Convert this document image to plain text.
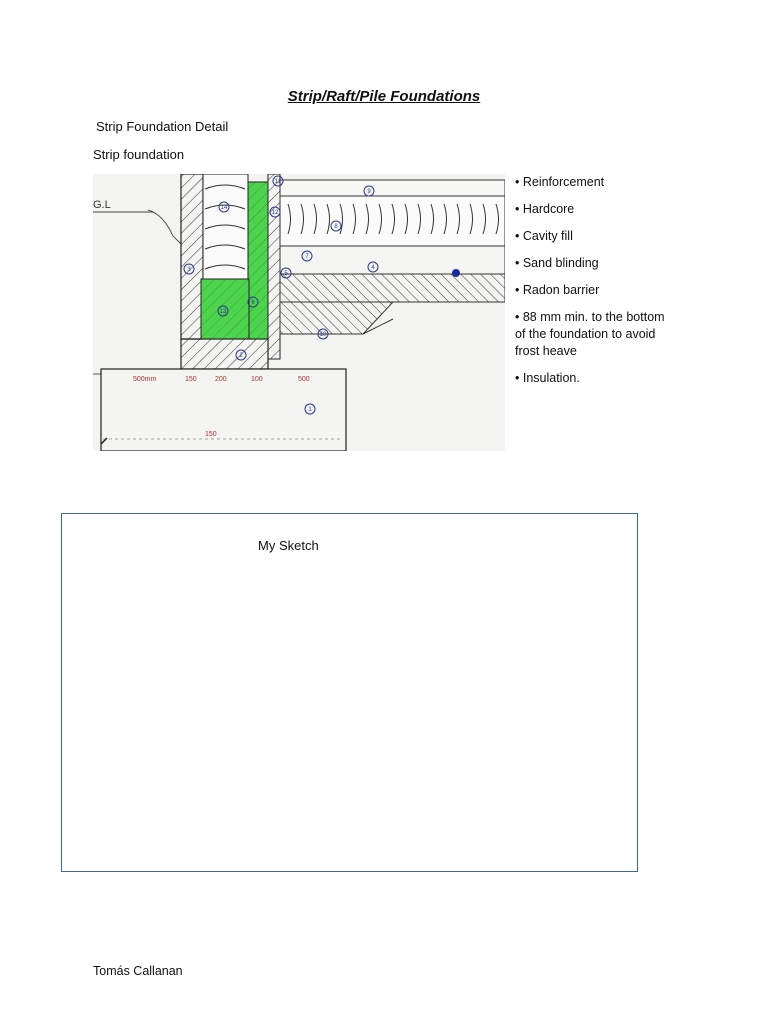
Strip/Raft/Pile Foundations
Strip Foundation Detail
Strip foundation
G.L
500mm	150	200	100	500
150
1
2
3	4
5
6
7
8
9
10
11
12
13
14
• Reinforcement
• Hardcore
• Cavity fill
• Sand blinding
• Radon barrier
• 88 mm min. to the bottom of the foundation to avoid frost heave
• Insulation.
My Sketch
Tomás Callanan
